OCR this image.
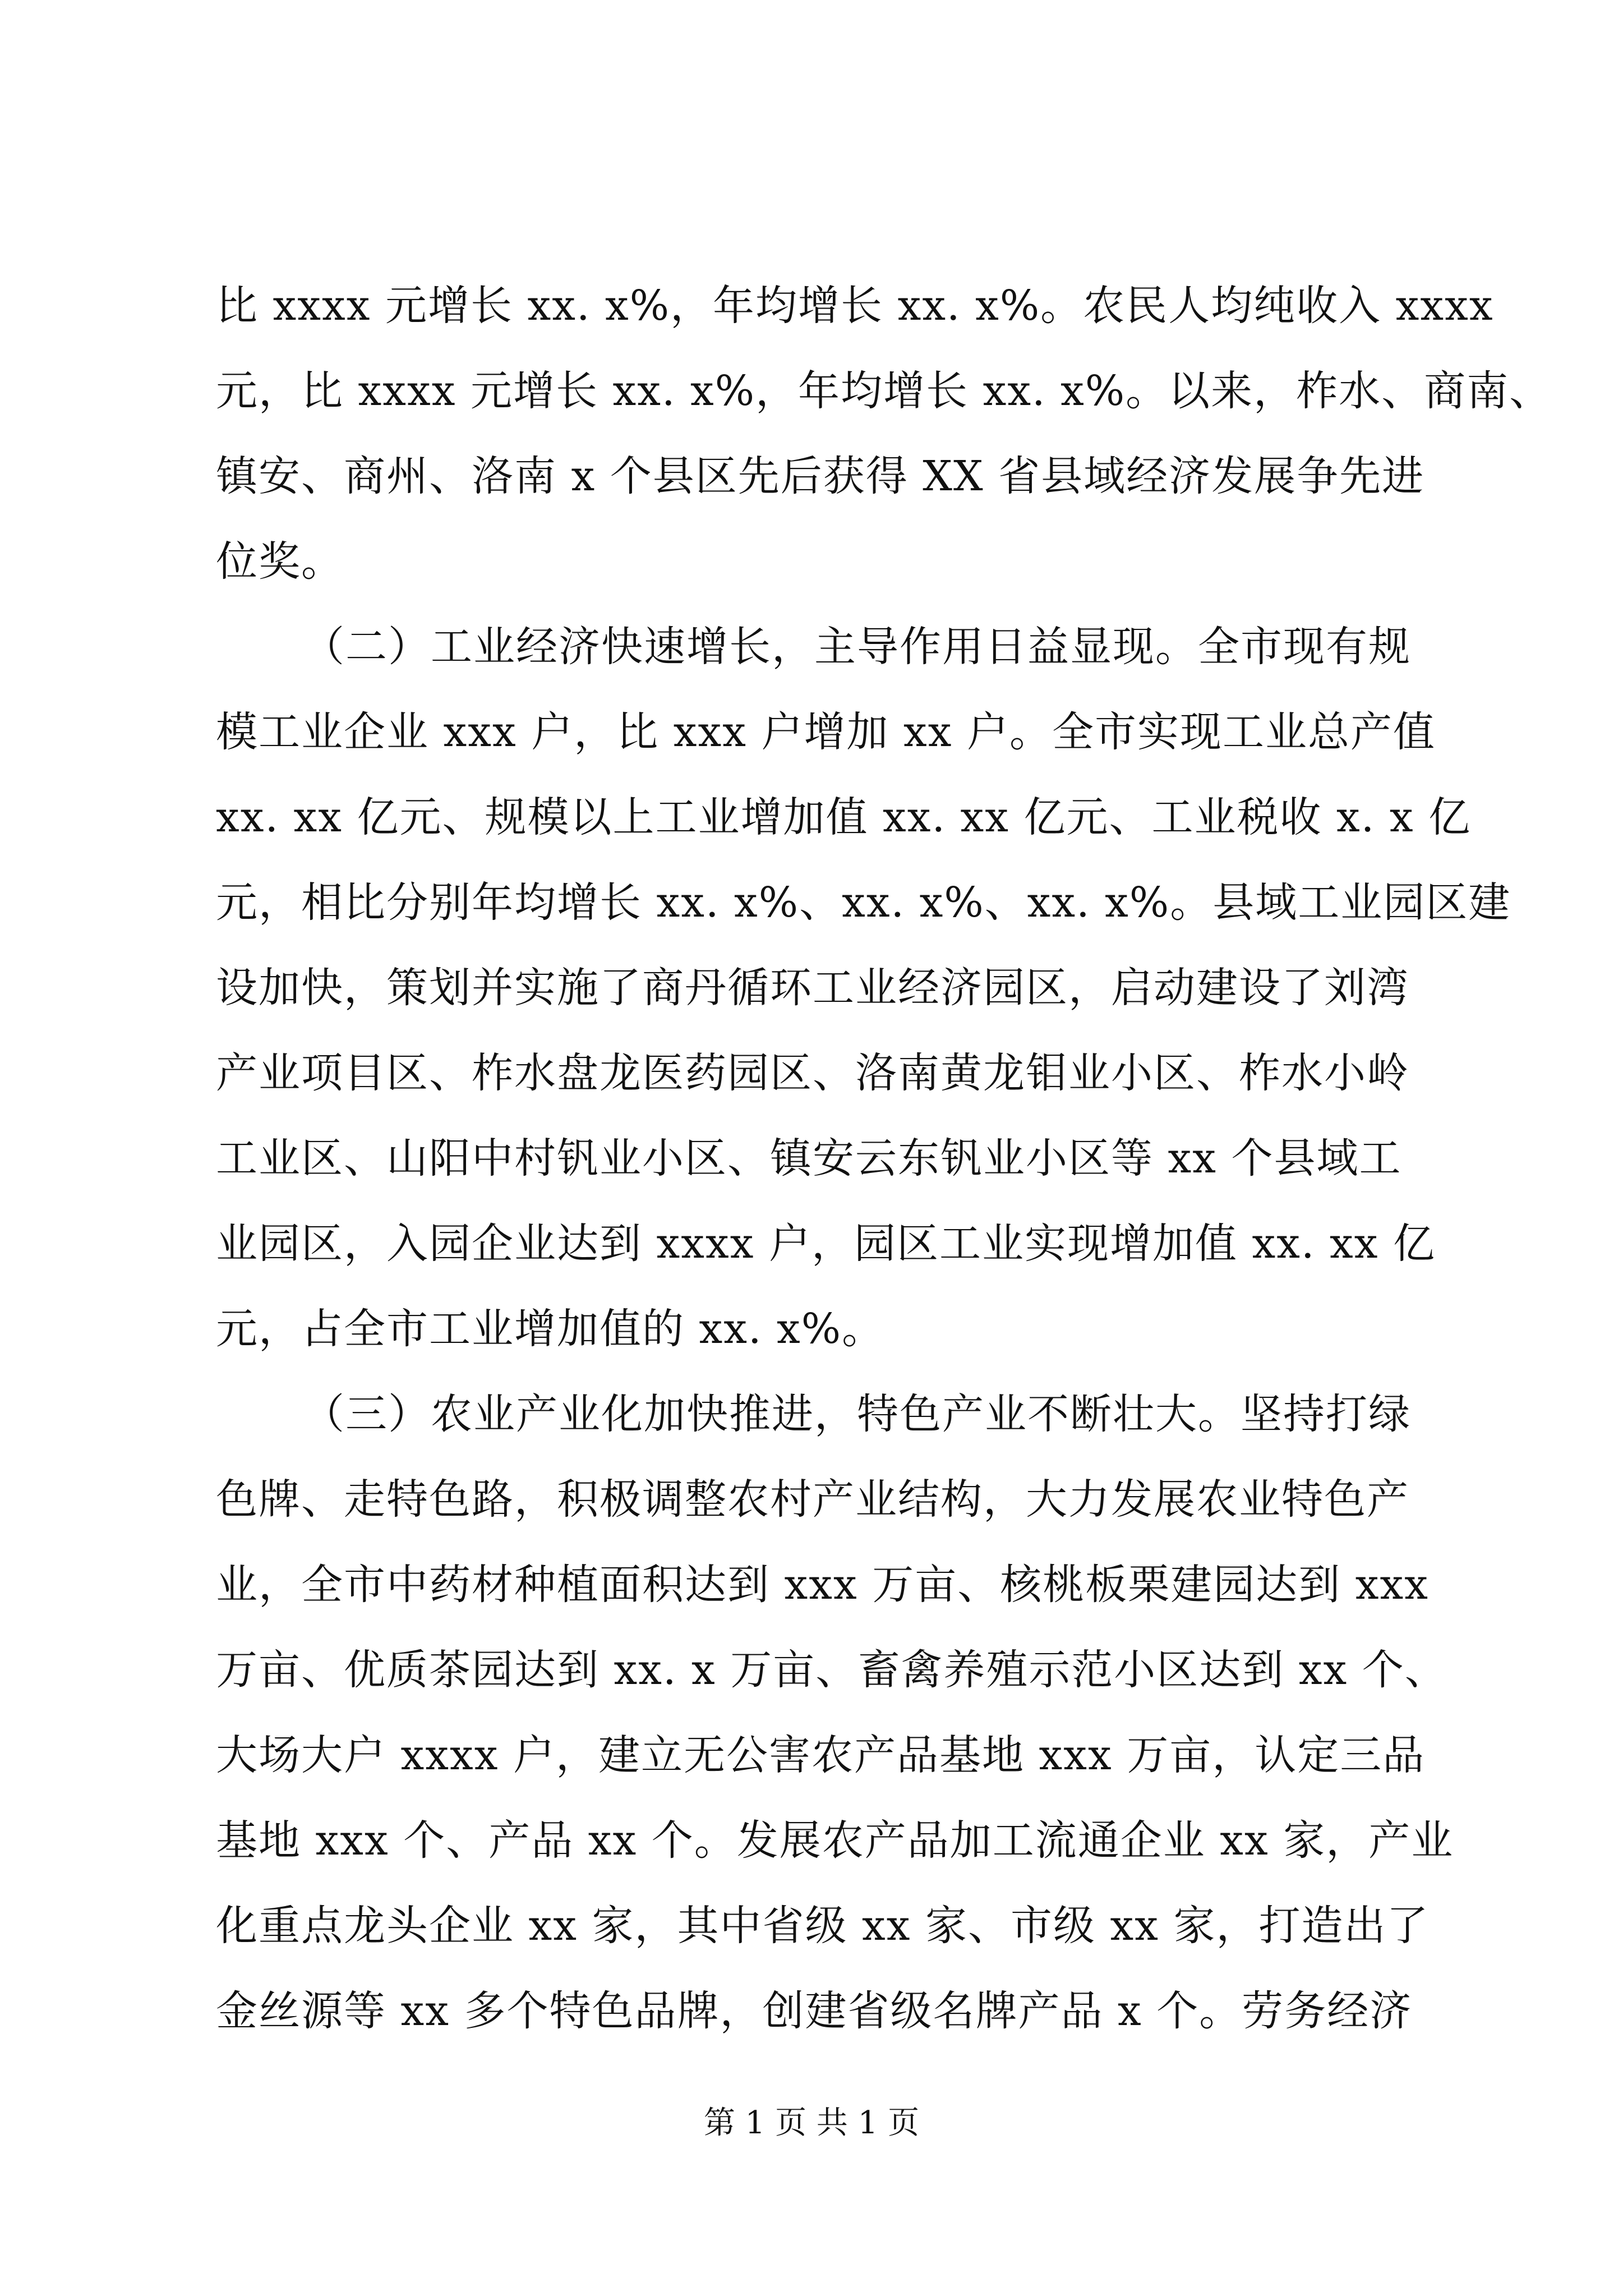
比 xxxx 元增长 xx. x%，年均增长 xx. x%。农民人均纯收入 xxxx
元，比 xxxx 元增长 xx. x%，年均增长 xx. x%。以来，柞水、商南、
镇安、商州、洛南 x 个县区先后获得 XX 省县域经济发展争先进
位奖。
（二）工业经济快速增长，主导作用日益显现。全市现有规
模工业企业 xxx 户，比 xxx 户增加 xx 户。全市实现工业总产值
xx. xx 亿元、规模以上工业增加值 xx. xx 亿元、工业税收 x. x 亿
元，相比分别年均增长 xx. x%、xx. x%、xx. x%。县域工业园区建
设加快，策划并实施了商丹循环工业经济园区，启动建设了刘湾
产业项目区、柞水盘龙医药园区、洛南黄龙钼业小区、柞水小岭
工业区、山阳中村钒业小区、镇安云东钒业小区等 xx 个县域工
业园区，入园企业达到 xxxx 户，园区工业实现增加值 xx. xx 亿
元，占全市工业增加值的 xx. x%。
（三）农业产业化加快推进，特色产业不断壮大。坚持打绿
色牌、走特色路，积极调整农村产业结构，大力发展农业特色产
业，全市中药材种植面积达到 xxx 万亩、核桃板栗建园达到 xxx
万亩、优质茶园达到 xx. x 万亩、畜禽养殖示范小区达到 xx 个、
大场大户 xxxx 户，建立无公害农产品基地 xxx 万亩，认定三品
基地 xxx 个、产品 xx 个。发展农产品加工流通企业 xx 家，产业
化重点龙头企业 xx 家，其中省级 xx 家、市级 xx 家，打造出了
金丝源等 xx 多个特色品牌，创建省级名牌产品 x 个。劳务经济
第 1 页 共 1 页
